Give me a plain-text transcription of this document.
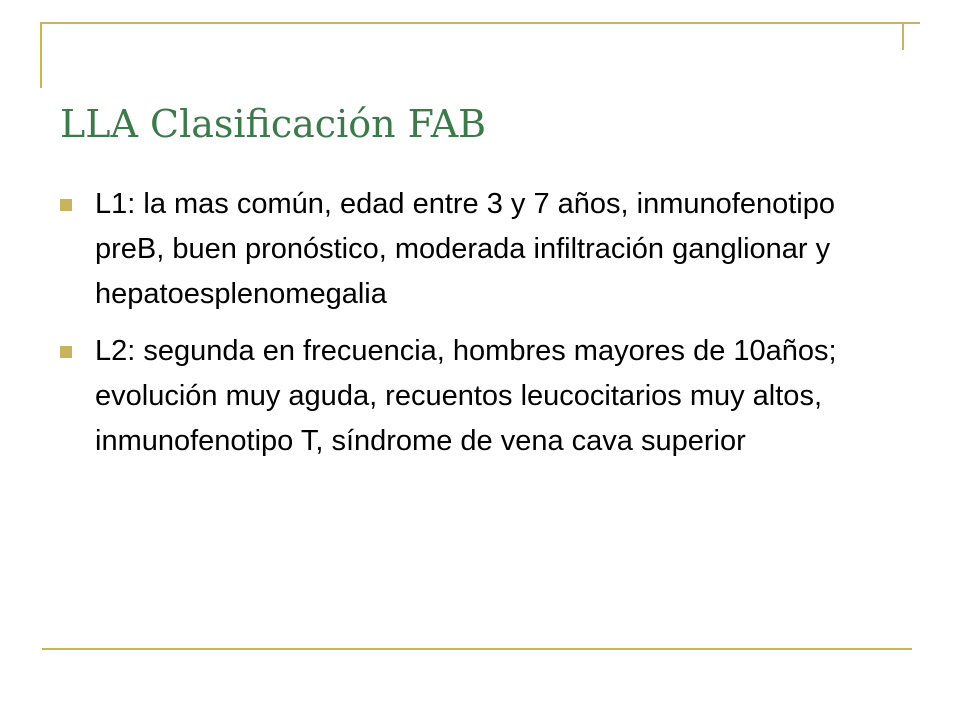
LLA Clasificación FAB
L1: la mas común, edad entre 3 y 7 años, inmunofenotipo preB, buen pronóstico, moderada infiltración ganglionar y hepatoesplenomegalia
L2: segunda en frecuencia, hombres mayores de 10años; evolución muy aguda, recuentos leucocitarios muy altos, inmunofenotipo T, síndrome de vena cava superior
